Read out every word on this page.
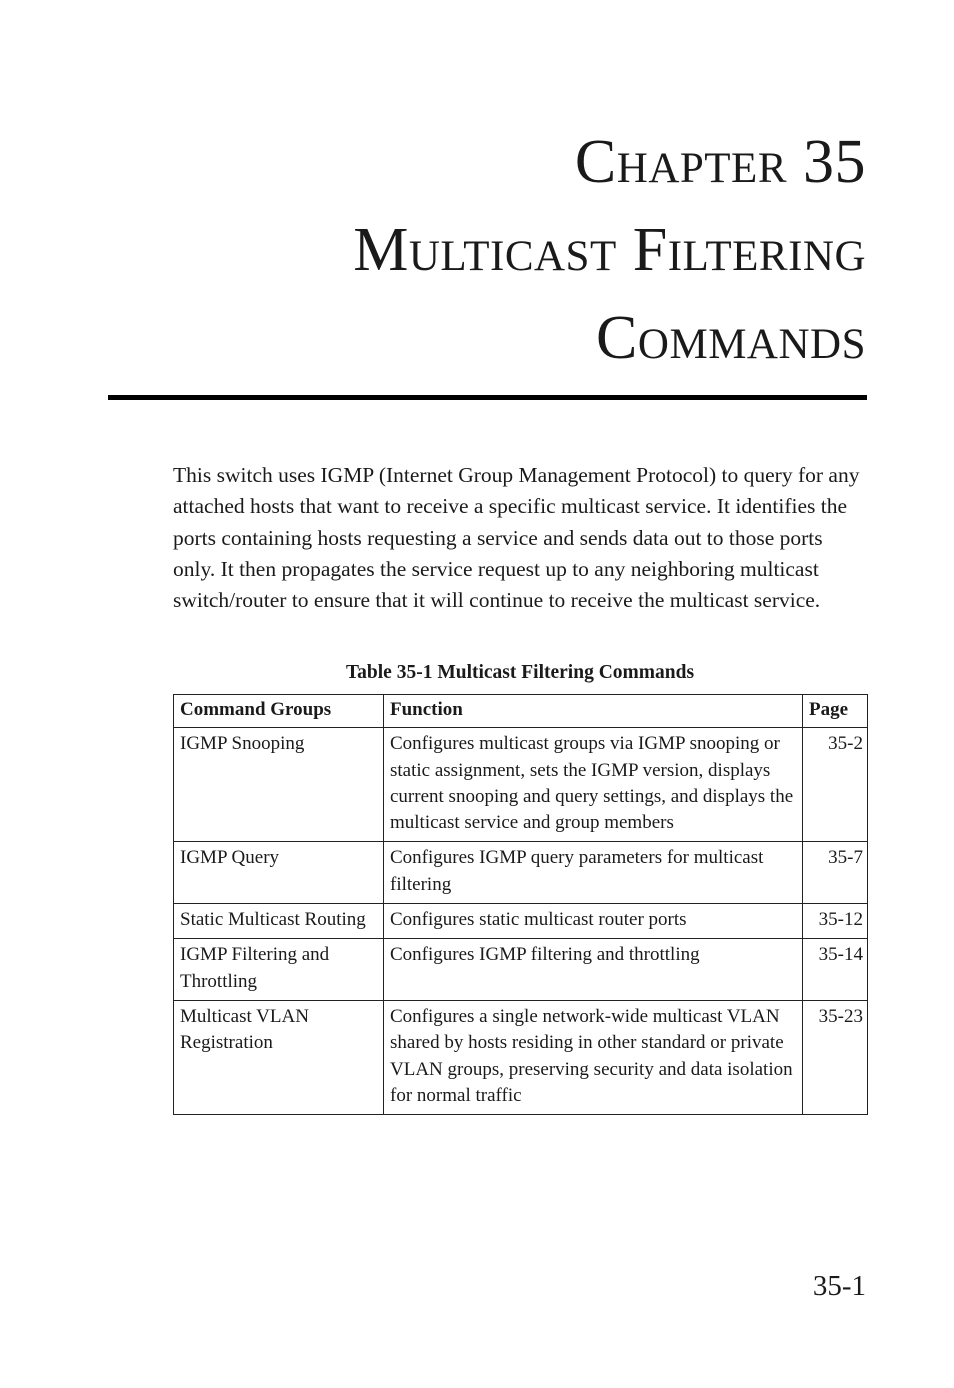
Chapter 35
Multicast Filtering
Commands

This switch uses IGMP (Internet Group Management Protocol) to query for any attached hosts that want to receive a specific multicast service. It identifies the ports containing hosts requesting a service and sends data out to those ports only. It then propagates the service request up to any neighboring multicast switch/router to ensure that it will continue to receive the multicast service.

Table 35-1 Multicast Filtering Commands
Command Groups	Function	Page
IGMP Snooping	Configures multicast groups via IGMP snooping or static assignment, sets the IGMP version, displays current snooping and query settings, and displays the multicast service and group members	35-2
IGMP Query	Configures IGMP query parameters for multicast filtering	35-7
Static Multicast Routing	Configures static multicast router ports	35-12
IGMP Filtering and Throttling	Configures IGMP filtering and throttling	35-14
Multicast VLAN Registration	Configures a single network-wide multicast VLAN shared by hosts residing in other standard or private VLAN groups, preserving security and data isolation for normal traffic	35-23
35-1
